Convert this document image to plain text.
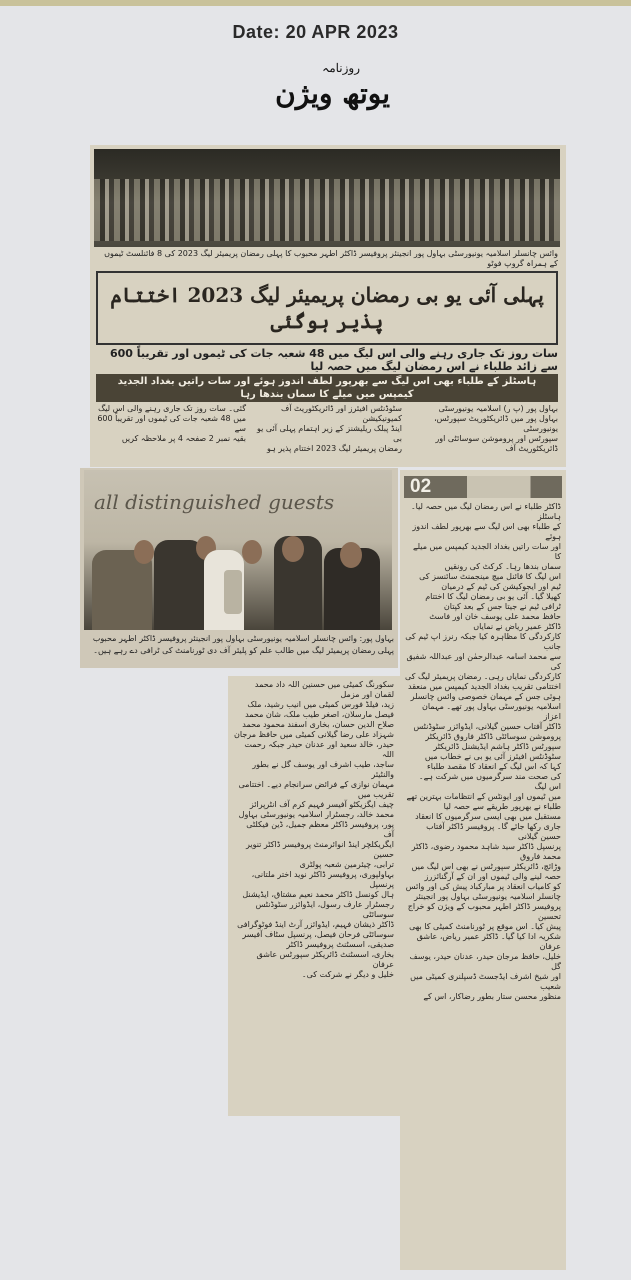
Date: 20 APR 2023
روزنامہ
یوتھ ویژن
وائس چانسلر اسلامیہ یونیورسٹی بہاول پور انجینئر پروفیسر ڈاکٹر اطہر محبوب کا پہلی رمضان پریمیئر لیگ 2023 کی 8 فائنلسٹ ٹیموں کے ہمراہ گروپ فوٹو
پہلی آئی یو بی رمضان پریمیئر لیگ 2023 اختتام پذیر ہوگئی
سات روز تک جاری رہنے والی اس لیگ میں 48 شعبہ جات کی ٹیموں اور تقریباً 600 سے زائد طلباء نے اس رمضان لیگ میں حصہ لیا
ہاسٹلز کے طلباء بھی اس لیگ سے بھرپور لطف اندوز ہوئے اور سات راتیں بغداد الجدید کیمپس میں میلے کا سماں بندھا رہا
بہاول پور (پ ر) اسلامیہ یونیورسٹی
بہاول پور میں ڈائریکٹوریٹ سپورٹس، یونیورسٹی
سپورٹس اور پروموشن سوسائٹی اور ڈائریکٹوریٹ آف
سٹوڈنٹس افیئرز اور ڈائریکٹوریٹ آف کمیونیکیشن
اینڈ پبلک ریلیشنز کے زیر اہتمام پہلی آئی یو بی
رمضان پریمیئر لیگ 2023 اختتام پذیر ہو
گئی۔ سات روز تک جاری رہنے والی اس لیگ
میں 48 شعبہ جات کی ٹیموں اور تقریباً 600 سے
بقیہ نمبر 2 صفحہ 4 پر ملاحظہ کریں
all distinguished guests
بہاول پور: وائس چانسلر اسلامیہ یونیورسٹی بہاول پور انجینئر پروفیسر ڈاکٹر اطہر محبوب پہلی رمضان پریمیئر لیگ میں طالب علم کو پلیئر آف دی ٹورنامنٹ کی ٹرافی دے رہے ہیں۔
سکورنگ کمیٹی میں حسنین اللہ داد محمد لقمان اور مزمل
زید، فیلڈ فورس کمیٹی میں انیب رشید، ملک
فیصل مارسلان، اصغر طیب ملک، شان محمد
صلاح الدین حسان، بخاری اسفند محمود محمد
شہزاد علی رضا گیلانی کمیٹی میں حافظ مرجان
حیدر، خالد سعید اور عدنان حیدر جبکہ رحمت اللہ
ساجد، طیب اشرف اور یوسف گل نے بطور والنٹیئر
مہمان نوازی کے فرائض سرانجام دیے۔ اختتامی تقریب میں
چیف ایگزیکٹو آفیسر فہیم کرم آف انٹرپرائز
محمد خالد، رجسٹرار اسلامیہ یونیورسٹی بہاول
پور، پروفیسر ڈاکٹر معظم جمیل، ڈین فیکلٹی آف
ایگریکلچر اینڈ انوائرمنٹ پروفیسر ڈاکٹر تنویر حسین
ترابی، چیئرمین شعبہ پولٹری
بہاولپوری، پروفیسر ڈاکٹر نوید اختر ملتانی، پرنسپل
ہال کونسل ڈاکٹر محمد نعیم مشتاق، ایڈیشنل
رجسٹرار عارف رسول، ایڈوائزر سٹوڈنٹس سوسائٹی
ڈاکٹر ذیشان فہیم، ایڈوائزر آرٹ اینڈ فوٹوگرافی
سوسائٹی فرحان فیصل، پرنسپل سٹاف آفیسر
صدیقی، اسسٹنٹ پروفیسر ڈاکٹر
بخاری، اسسٹنٹ ڈائریکٹر سپورٹس عاشق عرفان
خلیل و دیگر نے شرکت کی۔
02
ڈاکٹر طلباء نے اس رمضان لیگ میں حصہ لیا۔ ہاسٹلز
کے طلباء بھی اس لیگ سے بھرپور لطف اندوز ہوئے
اور سات راتیں بغداد الجدید کیمپس میں میلے کا
سماں بندھا رہا۔ کرکٹ کی رونقیں
اس لیگ کا فائنل میچ مینجمنٹ سائنسز کی
ٹیم اور ایجوکیشن کی ٹیم کے درمیان
کھیلا گیا۔ آئی یو بی رمضان لیگ کا اختتام
ٹرافی ٹیم نے جیتا جس کے بعد کپتان
حافظ محمد علی یوسف خان اور فاسٹ
ڈاکٹر عمیر ریاض نے نمایاں
کارکردگی کا مظاہرہ کیا جبکہ رنرز اپ ٹیم کی جانب
سے محمد اسامہ عبدالرحمٰن اور عبداللہ شفیق کی
کارکردگی نمایاں رہی۔ رمضان پریمیئر لیگ کی
اختتامی تقریب بغداد الجدید کیمپس میں منعقد
ہوئی جس کے مہمان خصوصی وائس چانسلر
اسلامیہ یونیورسٹی بہاول پور تھے۔ مہمان اعزاز
ڈاکٹر آفتاب حسین گیلانی، ایڈوائزر سٹوڈنٹس
پروموشن سوسائٹی ڈاکٹر فاروق ڈائریکٹر
سپورٹس ڈاکٹر ہاشم ایڈیشنل ڈائریکٹر
سٹوڈنٹس افیئرز آئی یو بی نے خطاب میں
کہا کہ اس لیگ کے انعقاد کا مقصد طلباء
کی صحت مند سرگرمیوں میں شرکت ہے۔ اس لیگ
میں ٹیموں اور ایونٹس کے انتظامات بہترین تھے
طلباء نے بھرپور طریقے سے حصہ لیا
مستقبل میں بھی ایسی سرگرمیوں کا انعقاد
جاری رکھا جائے گا۔ پروفیسر ڈاکٹر آفتاب حسین گیلانی
پرنسپل ڈاکٹر سید شاہد محمود رضوی، ڈاکٹر محمد فاروق
وڑائچ، ڈائریکٹر سپورٹس نے بھی اس لیگ میں
حصہ لینے والی ٹیموں اور ان کے آرگنائزرز
کو کامیاب انعقاد پر مبارکباد پیش کی اور وائس
چانسلر اسلامیہ یونیورسٹی بہاول پور انجینئر
پروفیسر ڈاکٹر اطہر محبوب کے ویژن کو خراج تحسین
پیش کیا۔ اس موقع پر ٹورنامنٹ کمیٹی کا بھی
شکریہ ادا کیا گیا۔ ڈاکٹر عمیر ریاض، عاشق عرفان
خلیل، حافظ مرجان حیدر، عدنان حیدر، یوسف گل
اور شیخ اشرف ایڈجسٹ ڈسپلنری کمیٹی میں شعیب
منظور محسن ستار بطور رضاکار، اس کے
